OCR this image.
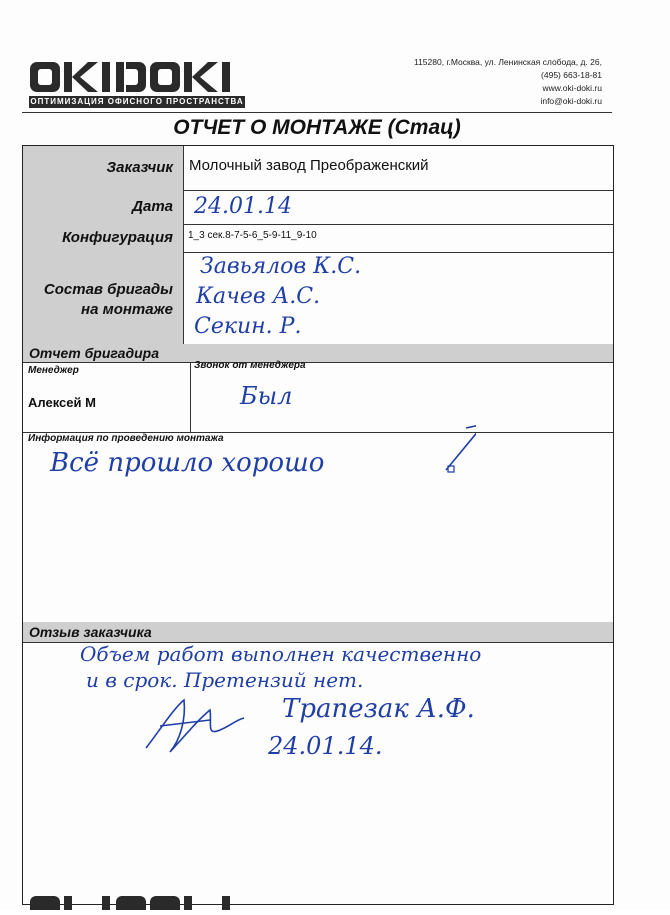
ОПТИМИЗАЦИЯ ОФИСНОГО ПРОСТРАНСТВА
115280, г.Москва, ул. Ленинская слобода, д. 26,
(495) 663-18-81
www.oki-doki.ru
info@oki-doki.ru
ОТЧЕТ О МОНТАЖЕ (Стац)
Заказчик
Дата
Конфигурация
Состав бригады
на монтаже
Молочный завод Преображенский
24.01.14
1_3 сек.8-7-5-6_5-9-11_9-10
Завьялов К.С.
Качев А.С.
Секин. Р.
Отчет бригадира
Менеджер	Звонок от менеджера
Алексей М	Был
Информация по проведению монтажа
Всё прошло хорошо
Отзыв заказчика
Объем работ выполнен качественно
и в срок. Претензий нет.
Трапезак А.Ф.
24.01.14.
